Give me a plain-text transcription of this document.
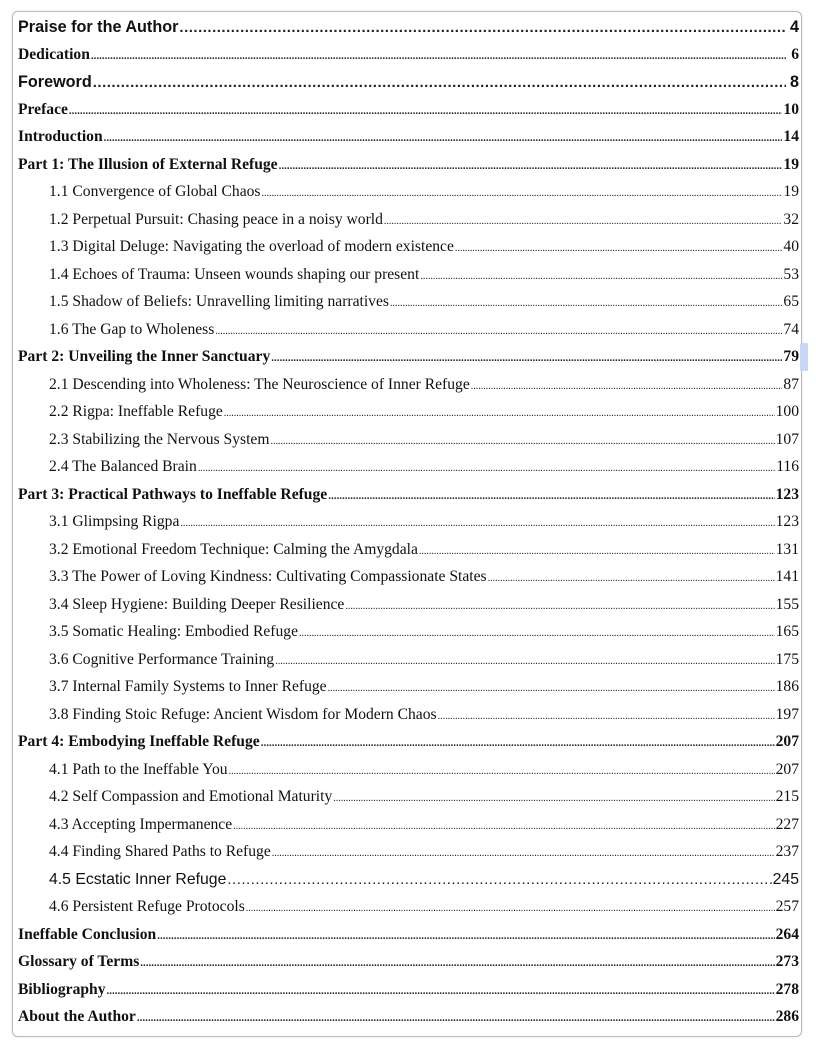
Praise for the Author .....	4
Dedication .....	6
Foreword .....	8
Preface .....	10
Introduction .....	14
Part 1: The Illusion of External Refuge .....	19
1.1 Convergence of Global Chaos .....	19
1.2 Perpetual Pursuit: Chasing peace in a noisy world .....	32
1.3 Digital Deluge: Navigating the overload of modern existence .....	40
1.4 Echoes of Trauma: Unseen wounds shaping our present .....	53
1.5 Shadow of Beliefs: Unravelling limiting narratives .....	65
1.6 The Gap to Wholeness .....	74
Part 2: Unveiling the Inner Sanctuary .....	79
2.1 Descending into Wholeness: The Neuroscience of Inner Refuge .....	87
2.2 Rigpa: Ineffable Refuge .....	100
2.3 Stabilizing the Nervous System .....	107
2.4 The Balanced Brain .....	116
Part 3: Practical Pathways to Ineffable Refuge .....	123
3.1 Glimpsing Rigpa .....	123
3.2 Emotional Freedom Technique: Calming the Amygdala .....	131
3.3 The Power of Loving Kindness: Cultivating Compassionate States .....	141
3.4 Sleep Hygiene: Building Deeper Resilience .....	155
3.5 Somatic Healing: Embodied Refuge .....	165
3.6 Cognitive Performance Training .....	175
3.7 Internal Family Systems to Inner Refuge .....	186
3.8 Finding Stoic Refuge: Ancient Wisdom for Modern Chaos .....	197
Part 4: Embodying Ineffable Refuge .....	207
4.1 Path to the Ineffable You .....	207
4.2 Self Compassion and Emotional Maturity .....	215
4.3 Accepting Impermanence .....	227
4.4 Finding Shared Paths to Refuge .....	237
4.5 Ecstatic Inner Refuge .....	245
4.6 Persistent Refuge Protocols .....	257
Ineffable Conclusion .....	264
Glossary of Terms .....	273
Bibliography .....	278
About the Author .....	286
